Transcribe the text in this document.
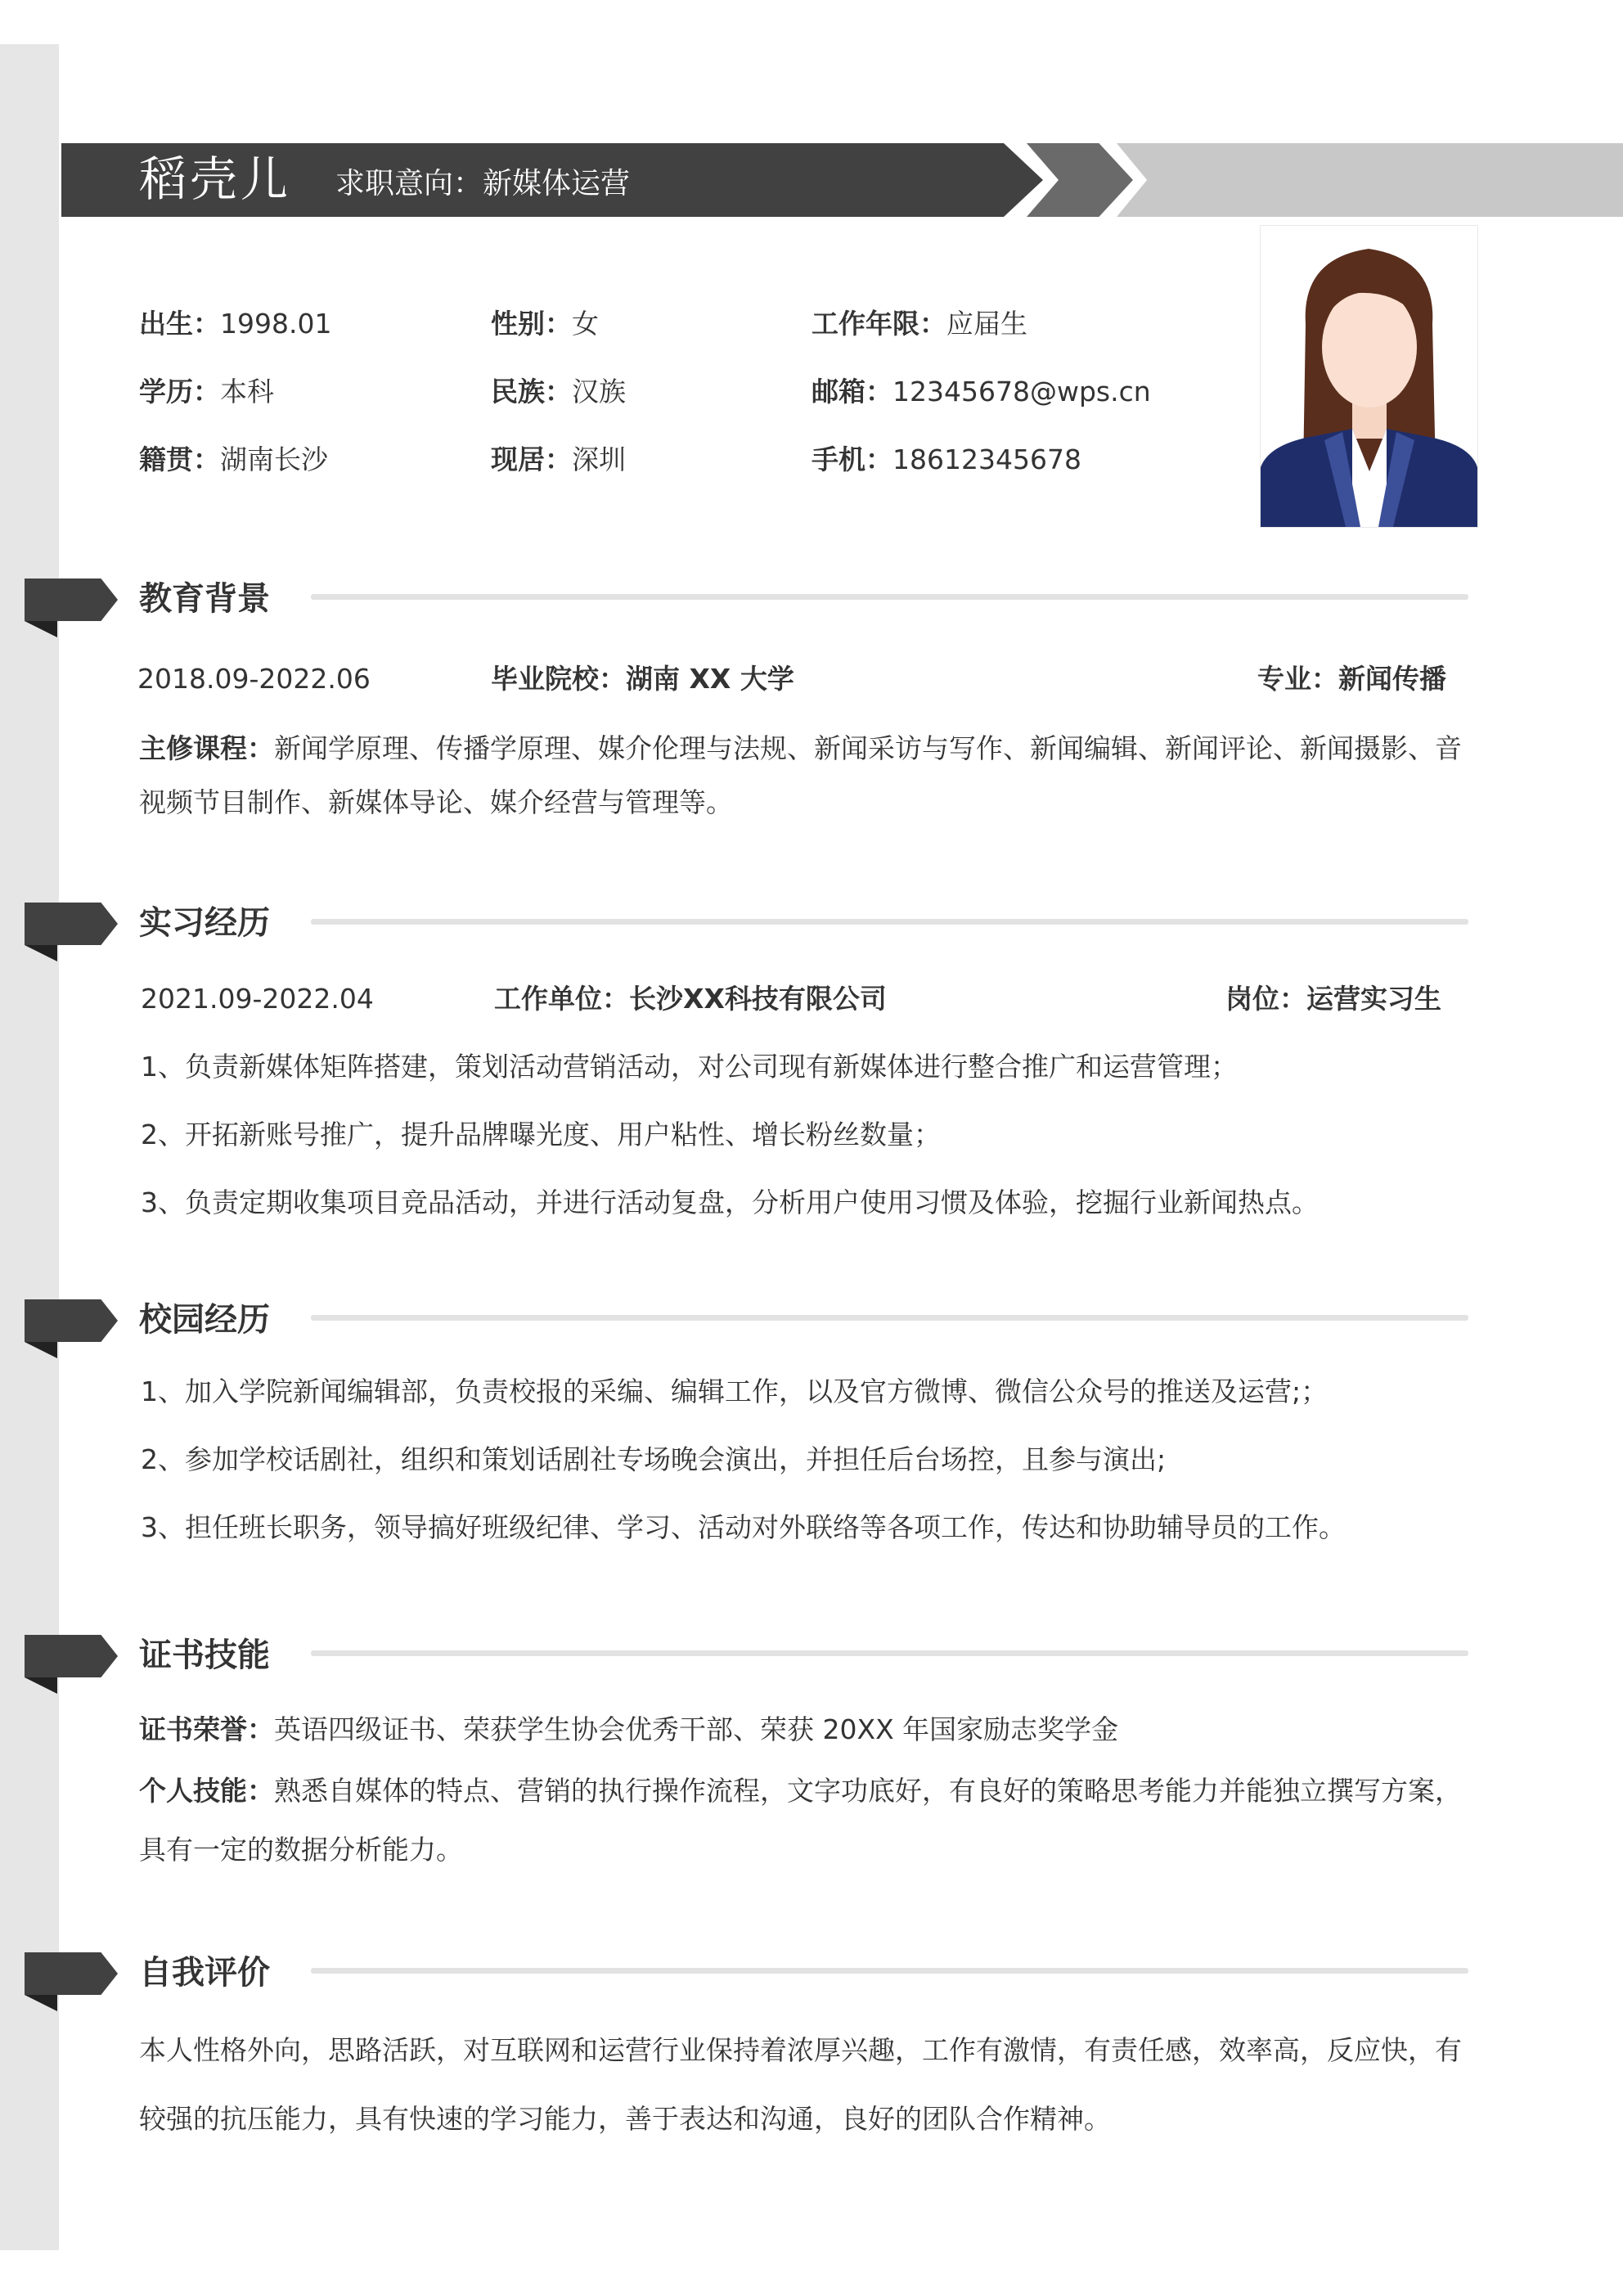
稻壳儿 求职意向：新媒体运营
出生：1998.01	性别：女	工作年限：应届生
学历：本科	民族：汉族	邮箱：12345678@wps.cn
籍贯：湖南长沙	现居：深圳	手机：18612345678
教育背景
2018.09-2022.06	毕业院校：湖南 XX 大学	专业：新闻传播
主修课程：新闻学原理、传播学原理、媒介伦理与法规、新闻采访与写作、新闻编辑、新闻评论、新闻摄影、音视频节目制作、新媒体导论、媒介经营与管理等。
实习经历
2021.09-2022.04	工作单位：长沙XX科技有限公司	岗位：运营实习生
1、负责新媒体矩阵搭建，策划活动营销活动，对公司现有新媒体进行整合推广和运营管理；
2、开拓新账号推广，提升品牌曝光度、用户粘性、增长粉丝数量；
3、负责定期收集项目竞品活动，并进行活动复盘，分析用户使用习惯及体验，挖掘行业新闻热点。
校园经历
1、加入学院新闻编辑部，负责校报的采编、编辑工作，以及官方微博、微信公众号的推送及运营;；
2、参加学校话剧社，组织和策划话剧社专场晚会演出，并担任后台场控，且参与演出;
3、担任班长职务，领导搞好班级纪律、学习、活动对外联络等各项工作，传达和协助辅导员的工作。
证书技能
证书荣誉：英语四级证书、荣获学生协会优秀干部、荣获 20XX 年国家励志奖学金
个人技能：熟悉自媒体的特点、营销的执行操作流程，文字功底好，有良好的策略思考能力并能独立撰写方案，具有一定的数据分析能力。
自我评价
本人性格外向，思路活跃，对互联网和运营行业保持着浓厚兴趣，工作有激情，有责任感，效率高，反应快，有较强的抗压能力，具有快速的学习能力，善于表达和沟通，良好的团队合作精神。
